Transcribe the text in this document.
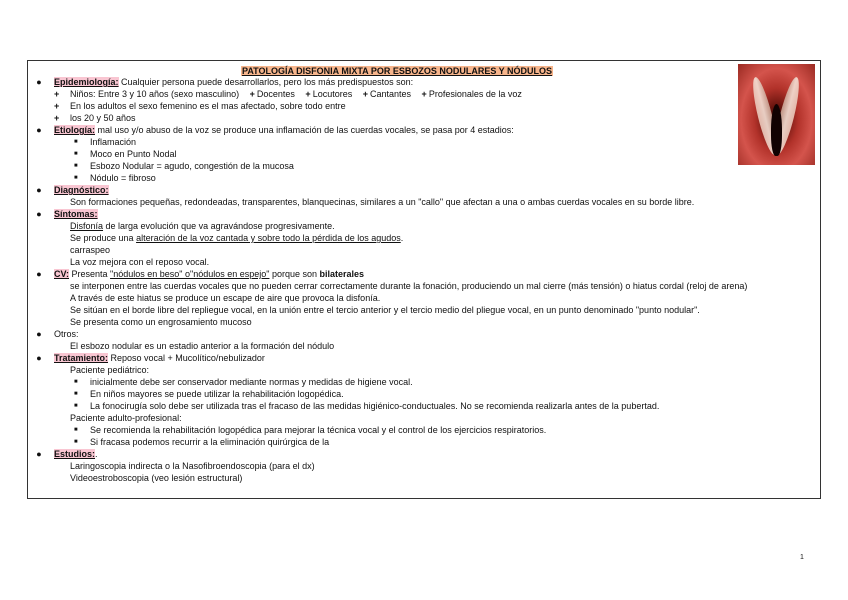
PATOLOGÍA DISFONIA MIXTA POR ESBOZOS NODULARES Y NÓDULOS
● Epidemiología: Cualquier persona puede desarrollarlos, pero los más predispuestos son:
+ Niños: Entre 3 y 10 años (sexo masculino) + Docentes + Locutores + Cantantes + Profesionales de la voz
+ En los adultos el sexo femenino es el mas afectado, sobre todo entre
+ los 20 y 50 años
● Etiología: mal uso y/o abuso de la voz se produce una inflamación de las cuerdas vocales, se pasa por 4 estadios:
■ Inflamación
■ Moco en Punto Nodal
■ Esbozo Nodular = agudo, congestión de la mucosa
■ Nódulo = fibroso
● Diagnóstico:
Son formaciones pequeñas, redondeadas, transparentes, blanquecinas, similares a un "callo" que afectan a una o ambas cuerdas vocales en su borde libre.
● Síntomas:
Disfonía de larga evolución que va agravándose progresivamente.
Se produce una alteración de la voz cantada y sobre todo la pérdida de los agudos.
carraspeo
La voz mejora con el reposo vocal.
● CV: Presenta "nódulos en beso" o"nódulos en espejo" porque son bilaterales
se interponen entre las cuerdas vocales que no pueden cerrar correctamente durante la fonación, produciendo un mal cierre (más tensión) o hiatus cordal (reloj de arena)
A través de este hiatus se produce un escape de aire que provoca la disfonía.
Se sitúan en el borde libre del repliegue vocal, en la unión entre el tercio anterior y el tercio medio del pliegue vocal, en un punto denominado "punto nodular".
Se presenta como un engrosamiento mucoso
● Otros:
El esbozo nodular es un estadio anterior a la formación del nódulo
● Tratamiento: Reposo vocal + Mucolítico/nebulizador
Paciente pediátrico:
■ inicialmente debe ser conservador mediante normas y medidas de higiene vocal.
■ En niños mayores se puede utilizar la rehabilitación logopédica.
■ La fonocirugía solo debe ser utilizada tras el fracaso de las medidas higiénico-conductuales. No se recomienda realizarla antes de la pubertad.
Paciente adulto-profesional:
■ Se recomienda la rehabilitación logopédica para mejorar la técnica vocal y el control de los ejercicios respiratorios.
■ Si fracasa podemos recurrir a la eliminación quirúrgica de la
● Estudios:.
Laringoscopia indirecta o la Nasofibroendoscopia (para el dx)
Videoestroboscopia (veo lesión estructural)
1
